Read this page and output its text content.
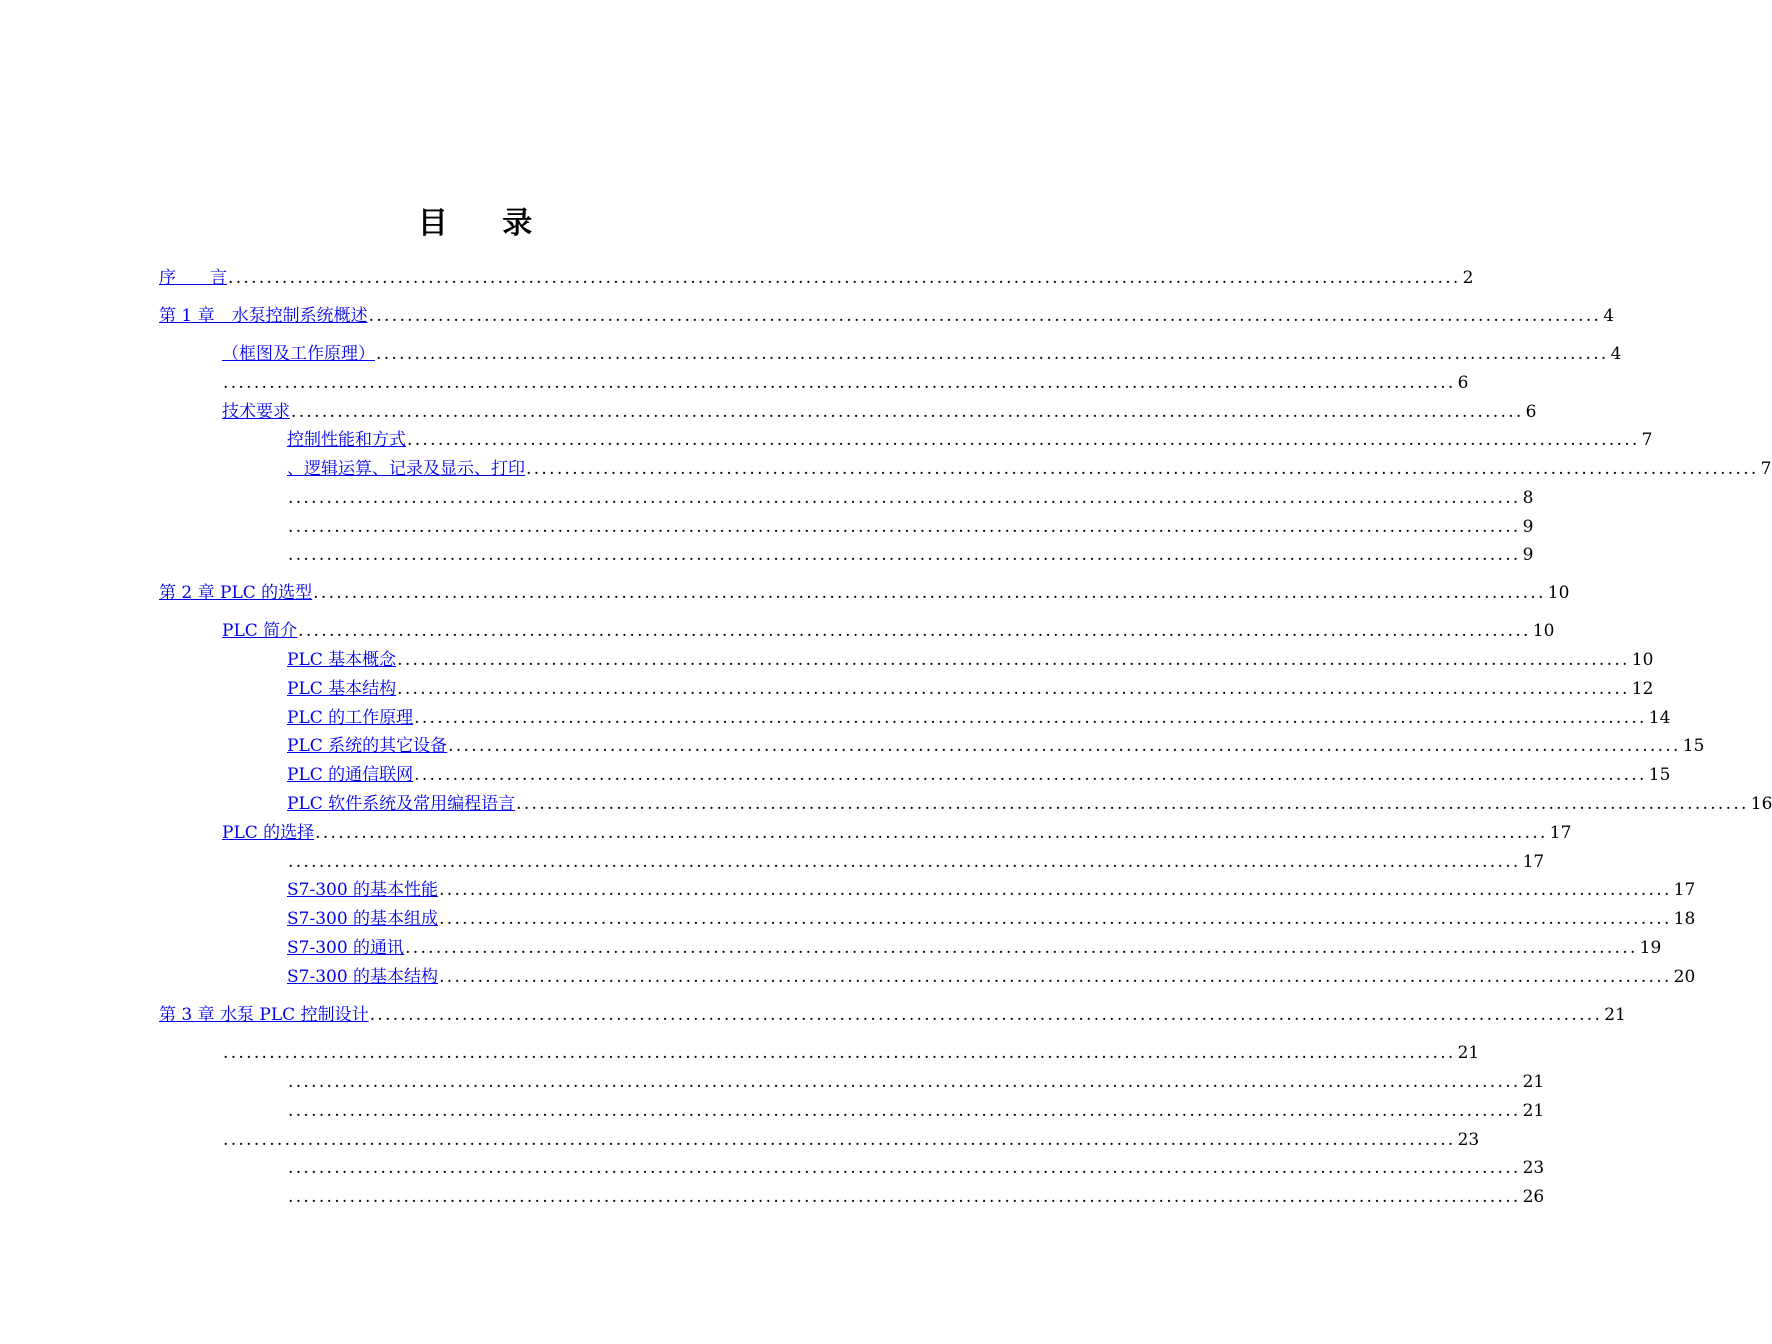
目 录
序　　言 ................................................................................................................................................................ 2
第 1 章　水泵控制系统概述 ................................................................................................................................................................ 4
（框图及工作原理） ................................................................................................................................................................ 4
................................................................................................................................................................ 6
技术要求 ................................................................................................................................................................ 6
控制性能和方式 ................................................................................................................................................................ 7
、逻辑运算、记录及显示、打印 ................................................................................................................................................................ 7
................................................................................................................................................................ 8
................................................................................................................................................................ 9
................................................................................................................................................................ 9
第 2 章 PLC 的选型 ................................................................................................................................................................ 10
PLC 简介 ................................................................................................................................................................ 10
PLC 基本概念 ................................................................................................................................................................ 10
PLC 基本结构 ................................................................................................................................................................ 12
PLC 的工作原理 ................................................................................................................................................................ 14
PLC 系统的其它设备 ................................................................................................................................................................ 15
PLC 的通信联网 ................................................................................................................................................................ 15
PLC 软件系统及常用编程语言 ................................................................................................................................................................ 16
PLC 的选择 ................................................................................................................................................................ 17
................................................................................................................................................................ 17
S7-300 的基本性能 ................................................................................................................................................................ 17
S7-300 的基本组成 ................................................................................................................................................................ 18
S7-300 的通讯 ................................................................................................................................................................ 19
S7-300 的基本结构 ................................................................................................................................................................ 20
第 3 章 水泵 PLC 控制设计 ................................................................................................................................................................ 21
................................................................................................................................................................ 21
................................................................................................................................................................ 21
................................................................................................................................................................ 21
................................................................................................................................................................ 23
................................................................................................................................................................ 23
................................................................................................................................................................ 26
